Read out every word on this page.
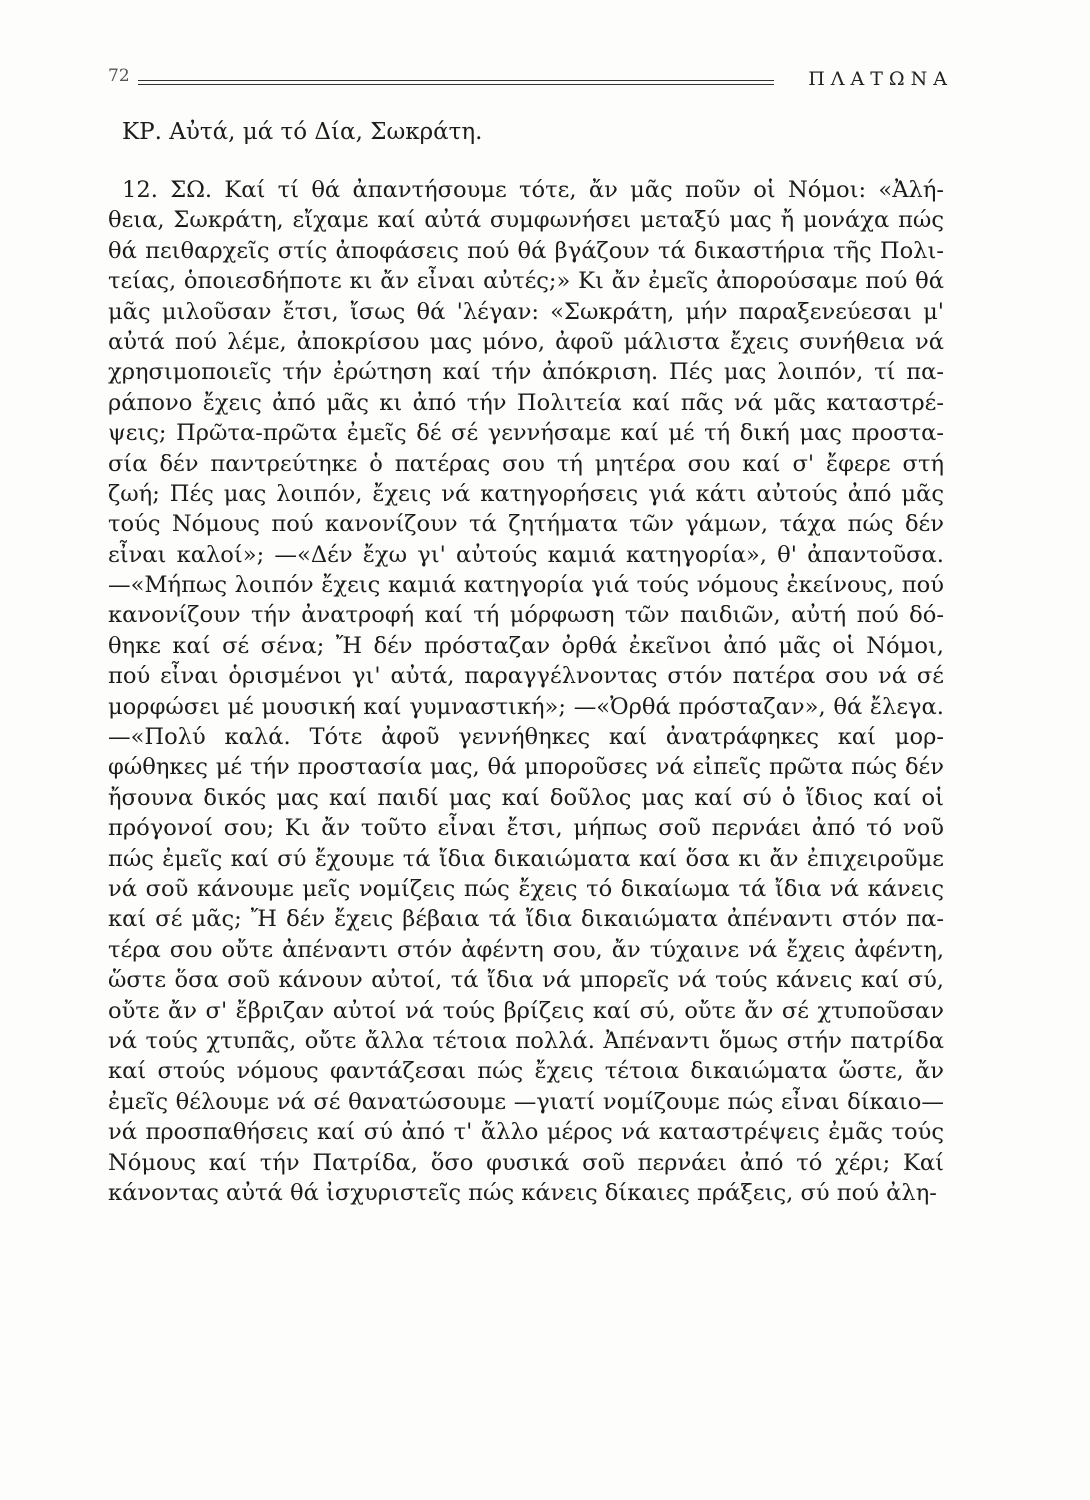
72	ΠΛΑΤΩΝΑ
ΚΡ. Αὐτά, μά τό Δία, Σωκράτη.
12. ΣΩ. Καί τί θά ἀπαντήσουμε τότε, ἄν μᾶς ποῦν οἱ Νόμοι: «Ἀλή-
θεια, Σωκράτη, εἴχαμε καί αὐτά συμφωνήσει μεταξύ μας ἤ μονάχα πώς
θά πειθαρχεῖς στίς ἀποφάσεις πού θά βγάζουν τά δικαστήρια τῆς Πολι-
τείας, ὁποιεσδήποτε κι ἄν εἶναι αὐτές;» Κι ἄν ἐμεῖς ἀπορούσαμε πού θά
μᾶς μιλοῦσαν ἔτσι, ἴσως θά 'λέγαν: «Σωκράτη, μήν παραξενεύεσαι μ'
αὐτά πού λέμε, ἀποκρίσου μας μόνο, ἀφοῦ μάλιστα ἔχεις συνήθεια νά
χρησιμοποιεῖς τήν ἐρώτηση καί τήν ἀπόκριση. Πές μας λοιπόν, τί πα-
ράπονο ἔχεις ἀπό μᾶς κι ἀπό τήν Πολιτεία καί πᾶς νά μᾶς καταστρέ-
ψεις; Πρῶτα-πρῶτα ἐμεῖς δέ σέ γεννήσαμε καί μέ τή δική μας προστα-
σία δέν παντρεύτηκε ὁ πατέρας σου τή μητέρα σου καί σ' ἔφερε στή
ζωή; Πές μας λοιπόν, ἔχεις νά κατηγορήσεις γιά κάτι αὐτούς ἀπό μᾶς
τούς Νόμους πού κανονίζουν τά ζητήματα τῶν γάμων, τάχα πώς δέν
εἶναι καλοί»; —«Δέν ἔχω γι' αὐτούς καμιά κατηγορία», θ' ἀπαντοῦσα.
—«Μήπως λοιπόν ἔχεις καμιά κατηγορία γιά τούς νόμους ἐκείνους, πού
κανονίζουν τήν ἀνατροφή καί τή μόρφωση τῶν παιδιῶν, αὐτή πού δό-
θηκε καί σέ σένα; Ἤ δέν πρόσταζαν ὀρθά ἐκεῖνοι ἀπό μᾶς οἱ Νόμοι,
πού εἶναι ὁρισμένοι γι' αὐτά, παραγγέλνοντας στόν πατέρα σου νά σέ
μορφώσει μέ μουσική καί γυμναστική»; —«Ὀρθά πρόσταζαν», θά ἔλεγα.
—«Πολύ καλά. Τότε ἀφοῦ γεννήθηκες καί ἀνατράφηκες καί μορ-
φώθηκες μέ τήν προστασία μας, θά μποροῦσες νά εἰπεῖς πρῶτα πώς δέν
ἤσουνα δικός μας καί παιδί μας καί δοῦλος μας καί σύ ὁ ἴδιος καί οἱ
πρόγονοί σου; Κι ἄν τοῦτο εἶναι ἔτσι, μήπως σοῦ περνάει ἀπό τό νοῦ
πώς ἐμεῖς καί σύ ἔχουμε τά ἴδια δικαιώματα καί ὅσα κι ἄν ἐπιχειροῦμε
νά σοῦ κάνουμε μεῖς νομίζεις πώς ἔχεις τό δικαίωμα τά ἴδια νά κάνεις
καί σέ μᾶς; Ἤ δέν ἔχεις βέβαια τά ἴδια δικαιώματα ἀπέναντι στόν πα-
τέρα σου οὔτε ἀπέναντι στόν ἀφέντη σου, ἄν τύχαινε νά ἔχεις ἀφέντη,
ὥστε ὅσα σοῦ κάνουν αὐτοί, τά ἴδια νά μπορεῖς νά τούς κάνεις καί σύ,
οὔτε ἄν σ' ἔβριζαν αὐτοί νά τούς βρίζεις καί σύ, οὔτε ἄν σέ χτυποῦσαν
νά τούς χτυπᾶς, οὔτε ἄλλα τέτοια πολλά. Ἀπέναντι ὅμως στήν πατρίδα
καί στούς νόμους φαντάζεσαι πώς ἔχεις τέτοια δικαιώματα ὥστε, ἄν
ἐμεῖς θέλουμε νά σέ θανατώσουμε —γιατί νομίζουμε πώς εἶναι δίκαιο—
νά προσπαθήσεις καί σύ ἀπό τ' ἄλλο μέρος νά καταστρέψεις ἐμᾶς τούς
Νόμους καί τήν Πατρίδα, ὅσο φυσικά σοῦ περνάει ἀπό τό χέρι; Καί
κάνοντας αὐτά θά ἰσχυριστεῖς πώς κάνεις δίκαιες πράξεις, σύ πού ἀλη-
